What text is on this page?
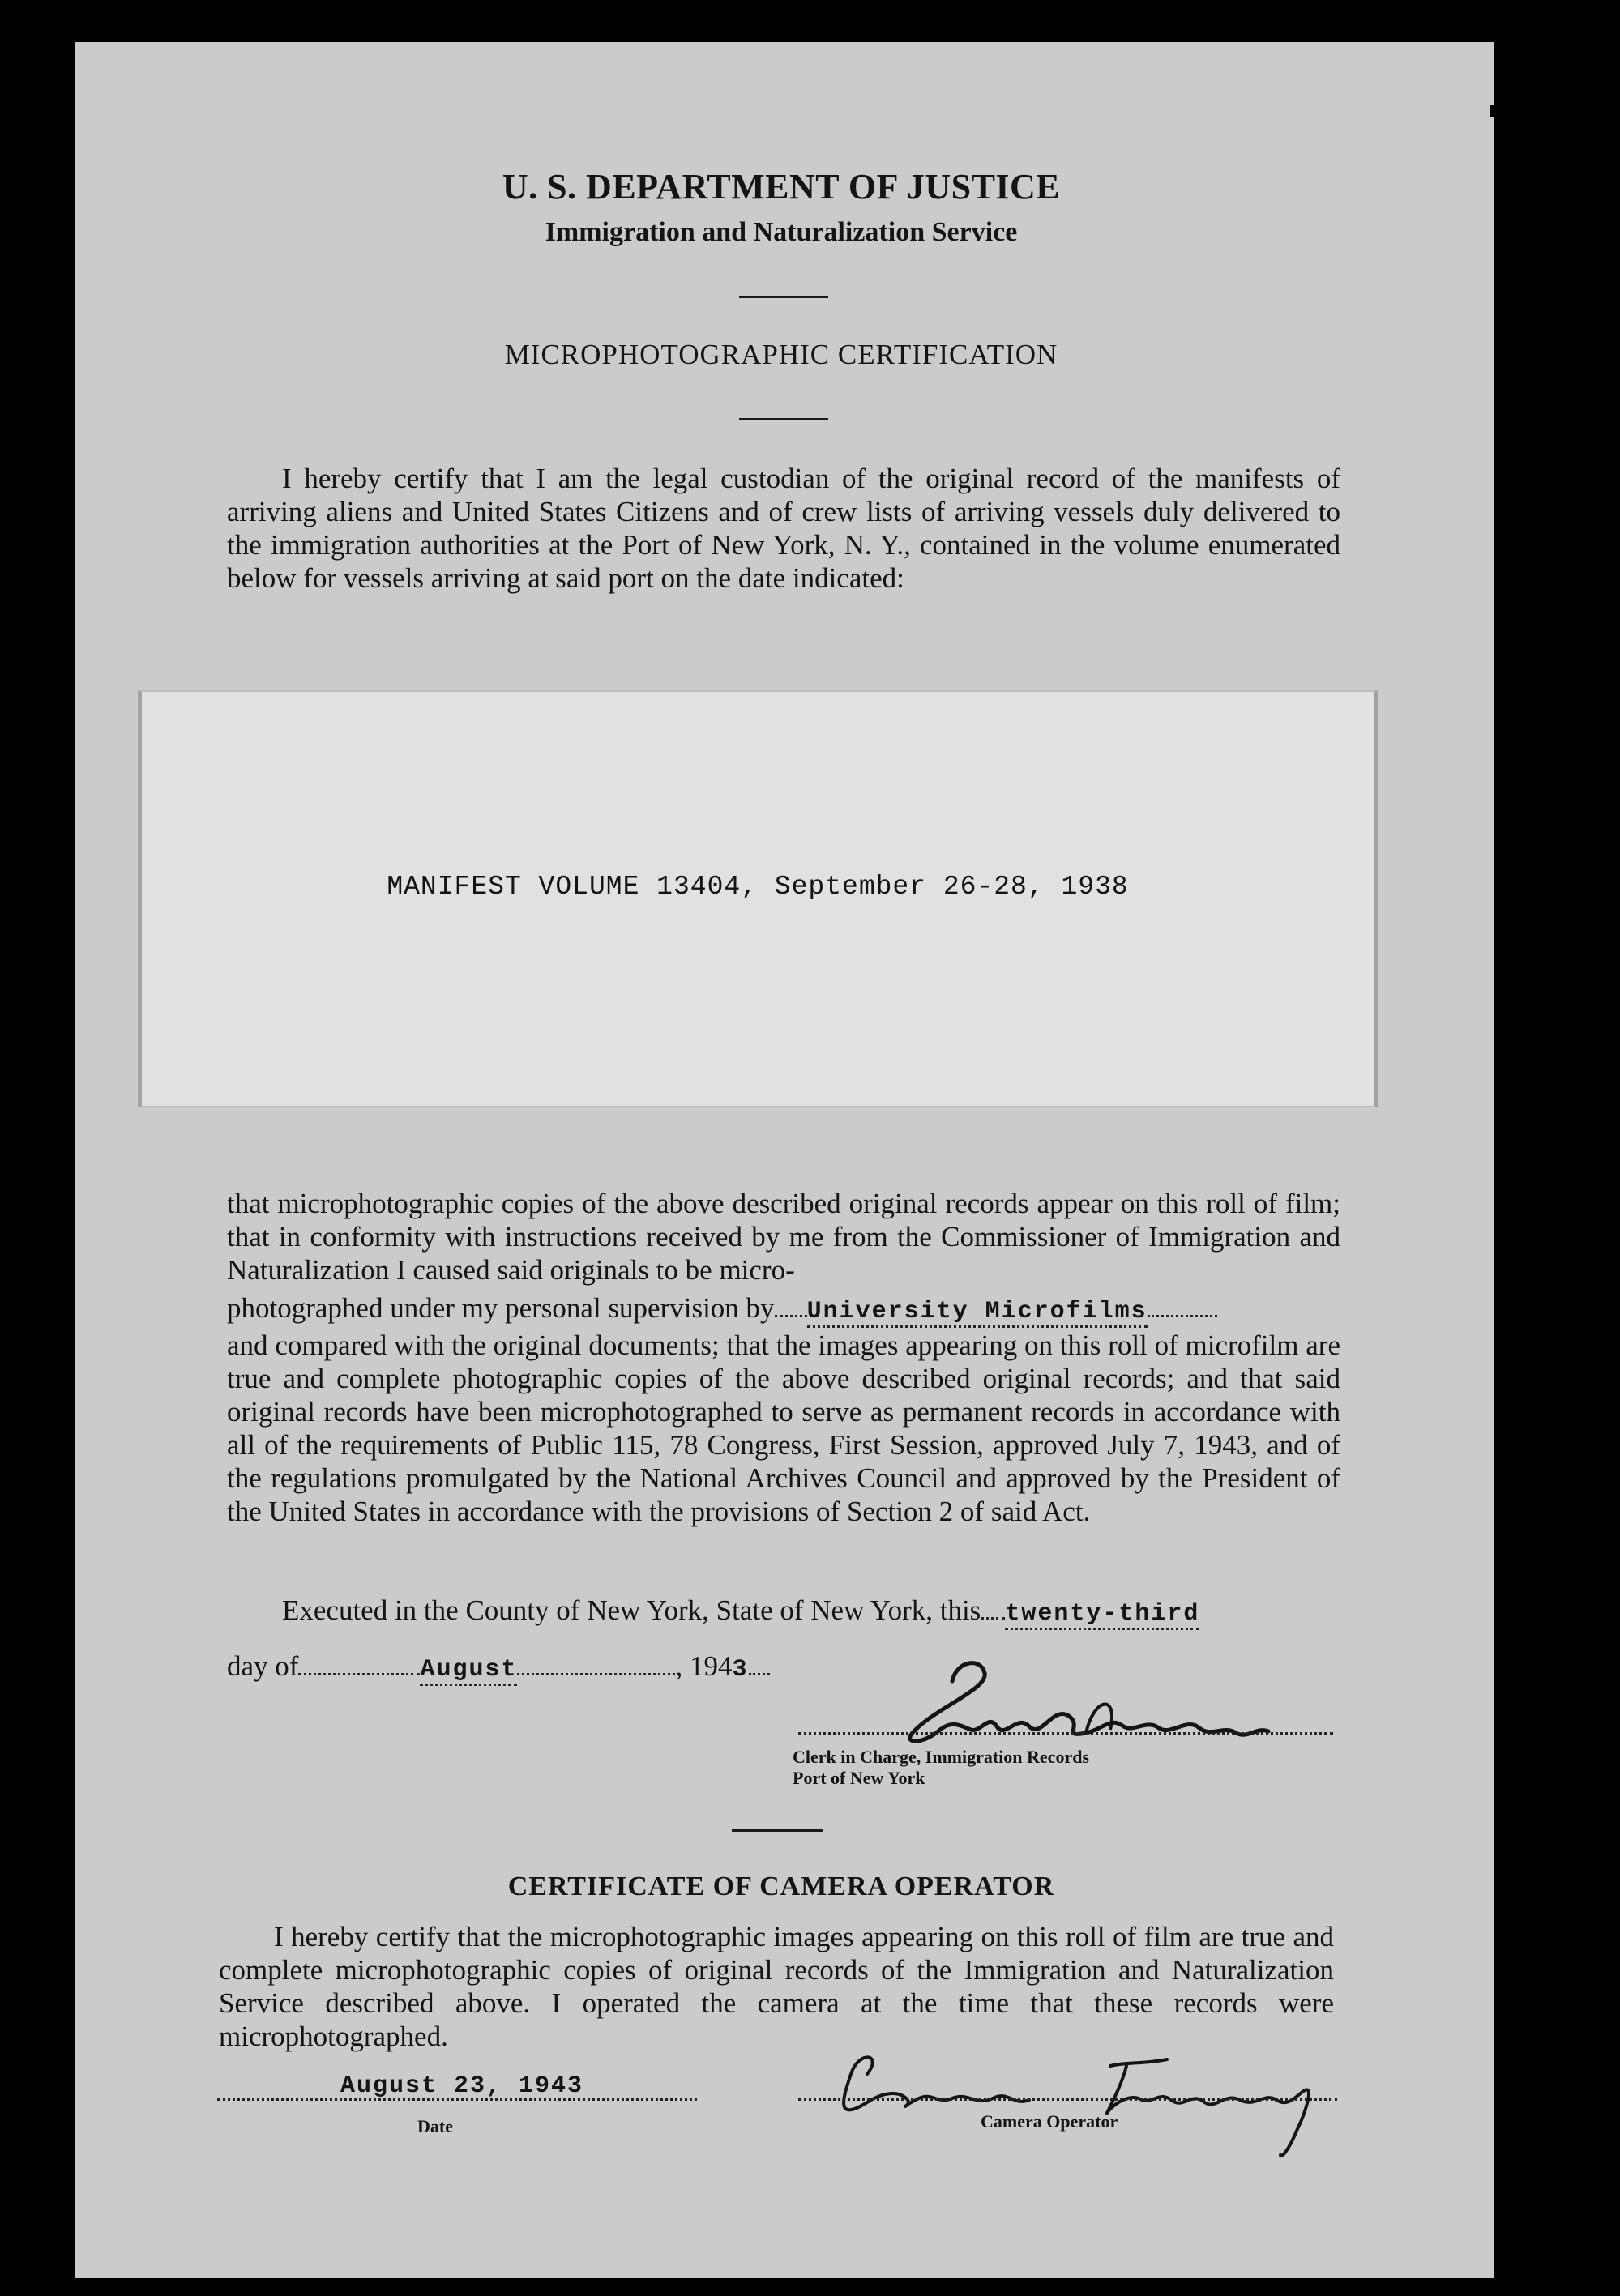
U. S. DEPARTMENT OF JUSTICE
Immigration and Naturalization Service
MICROPHOTOGRAPHIC CERTIFICATION

I hereby certify that I am the legal custodian of the original record of the manifests of arriving aliens and United States Citizens and of crew lists of arriving vessels duly delivered to the immigration authorities at the Port of New York, N. Y., contained in the volume enumerated below for vessels arriving at said port on the date indicated:

MANIFEST VOLUME 13404, September 26-28, 1938

that microphotographic copies of the above described original records appear on this roll of film; that in conformity with instructions received by me from the Commissioner of Immigration and Naturalization I caused said originals to be micro-

photographed under my personal supervision by University Microfilms

and compared with the original documents; that the images appearing on this roll of microfilm are true and complete photographic copies of the above described original records; and that said original records have been microphotographed to serve as permanent records in accordance with all of the requirements of Public 115, 78 Congress, First Session, approved July 7, 1943, and of the regulations promulgated by the National Archives Council and approved by the President of the United States in accordance with the provisions of Section 2 of said Act.

Executed in the County of New York, State of New York, this twenty-third
day of	August	, 1943
Clerk in Charge, Immigration Records
Port of New York
CERTIFICATE OF CAMERA OPERATOR

I hereby certify that the microphotographic images appearing on this roll of film are true and complete microphotographic copies of original records of the Immigration and Naturalization Service described above. I operated the camera at the time that these records were microphotographed.

August 23, 1943
Date	Camera Operator
